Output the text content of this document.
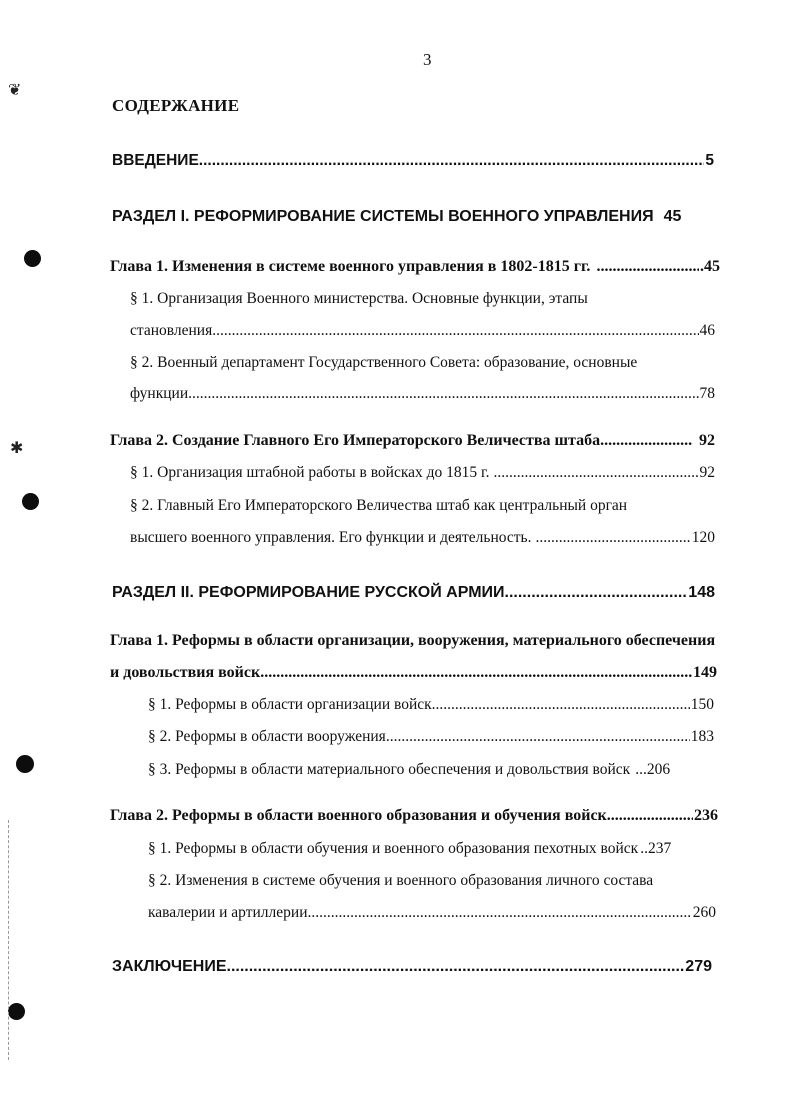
3
СОДЕРЖАНИЕ
ВВЕДЕНИЕ .....	5
РАЗДЕЛ I. РЕФОРМИРОВАНИЕ СИСТЕМЫ ВОЕННОГО УПРАВЛЕНИЯ 45
Глава 1. Изменения в системе военного управления в 1802-1815 гг. .....	.45
§ 1. Организация Военного министерства. Основные функции, этапы
становления .....	46
§ 2. Военный департамент Государственного Совета: образование, основные
функции .....	78
Глава 2. Создание Главного Его Императорского Величества штаба .....	92
§ 1. Организация штабной работы в войсках до 1815 г. .....	92
§ 2. Главный Его Императорского Величества штаб как центральный орган
высшего военного управления. Его функции и деятельность. .....	120
РАЗДЕЛ II. РЕФОРМИРОВАНИЕ РУССКОЙ АРМИИ .....	148
Глава 1. Реформы в области организации, вооружения, материального обеспечения
и довольствия войск .....	149
§ 1. Реформы в области организации войск .....	150
§ 2. Реформы в области вооружения .....	183
§ 3. Реформы в области материального обеспечения и довольствия войск ...206
Глава 2. Реформы в области военного образования и обучения войск .....	236
§ 1. Реформы в области обучения и военного образования пехотных войск ..237
§ 2. Изменения в системе обучения и военного образования личного состава
кавалерии и артиллерии .....	260
ЗАКЛЮЧЕНИЕ. .....	279
❦
✱
